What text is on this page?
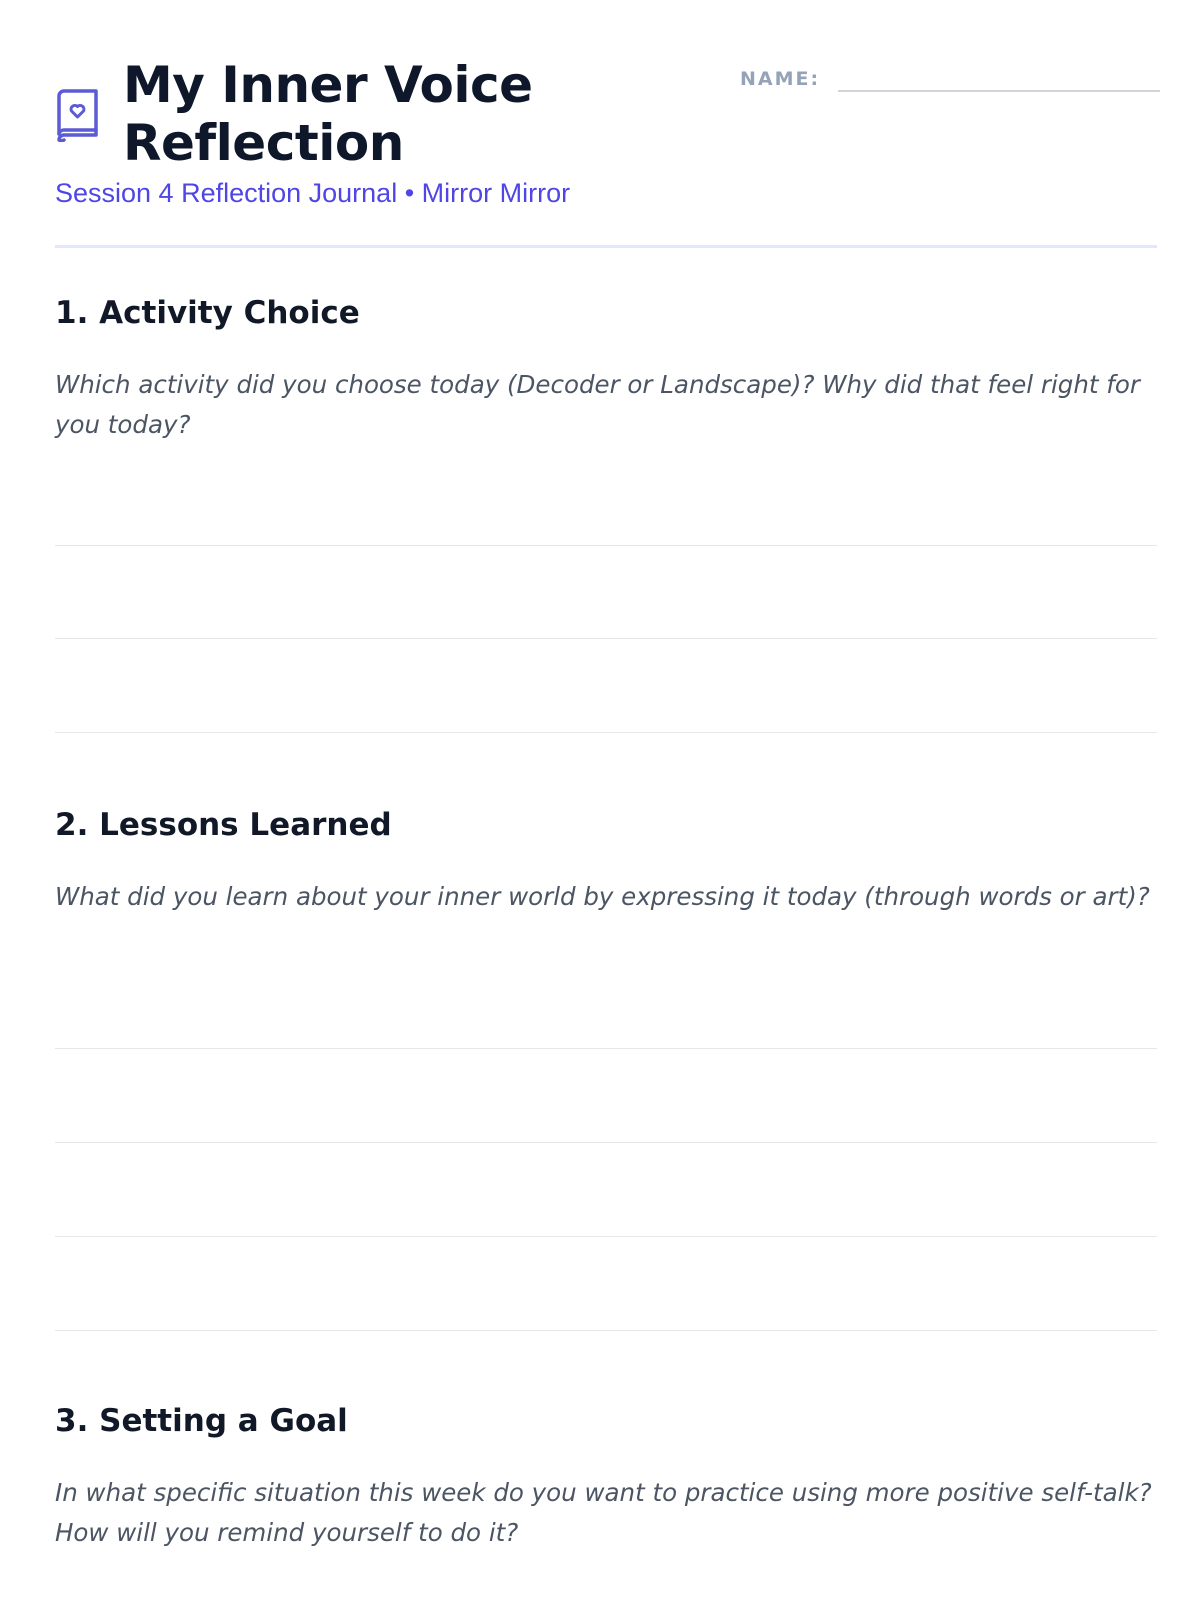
My Inner Voice Reflection
Session 4 Reflection Journal • Mirror Mirror
NAME:
1. Activity Choice

Which activity did you choose today (Decoder or Landscape)? Why did that feel right for you today?

2. Lessons Learned

What did you learn about your inner world by expressing it today (through words or art)?

3. Setting a Goal

In what specific situation this week do you want to practice using more positive self-talk? How will you remind yourself to do it?
